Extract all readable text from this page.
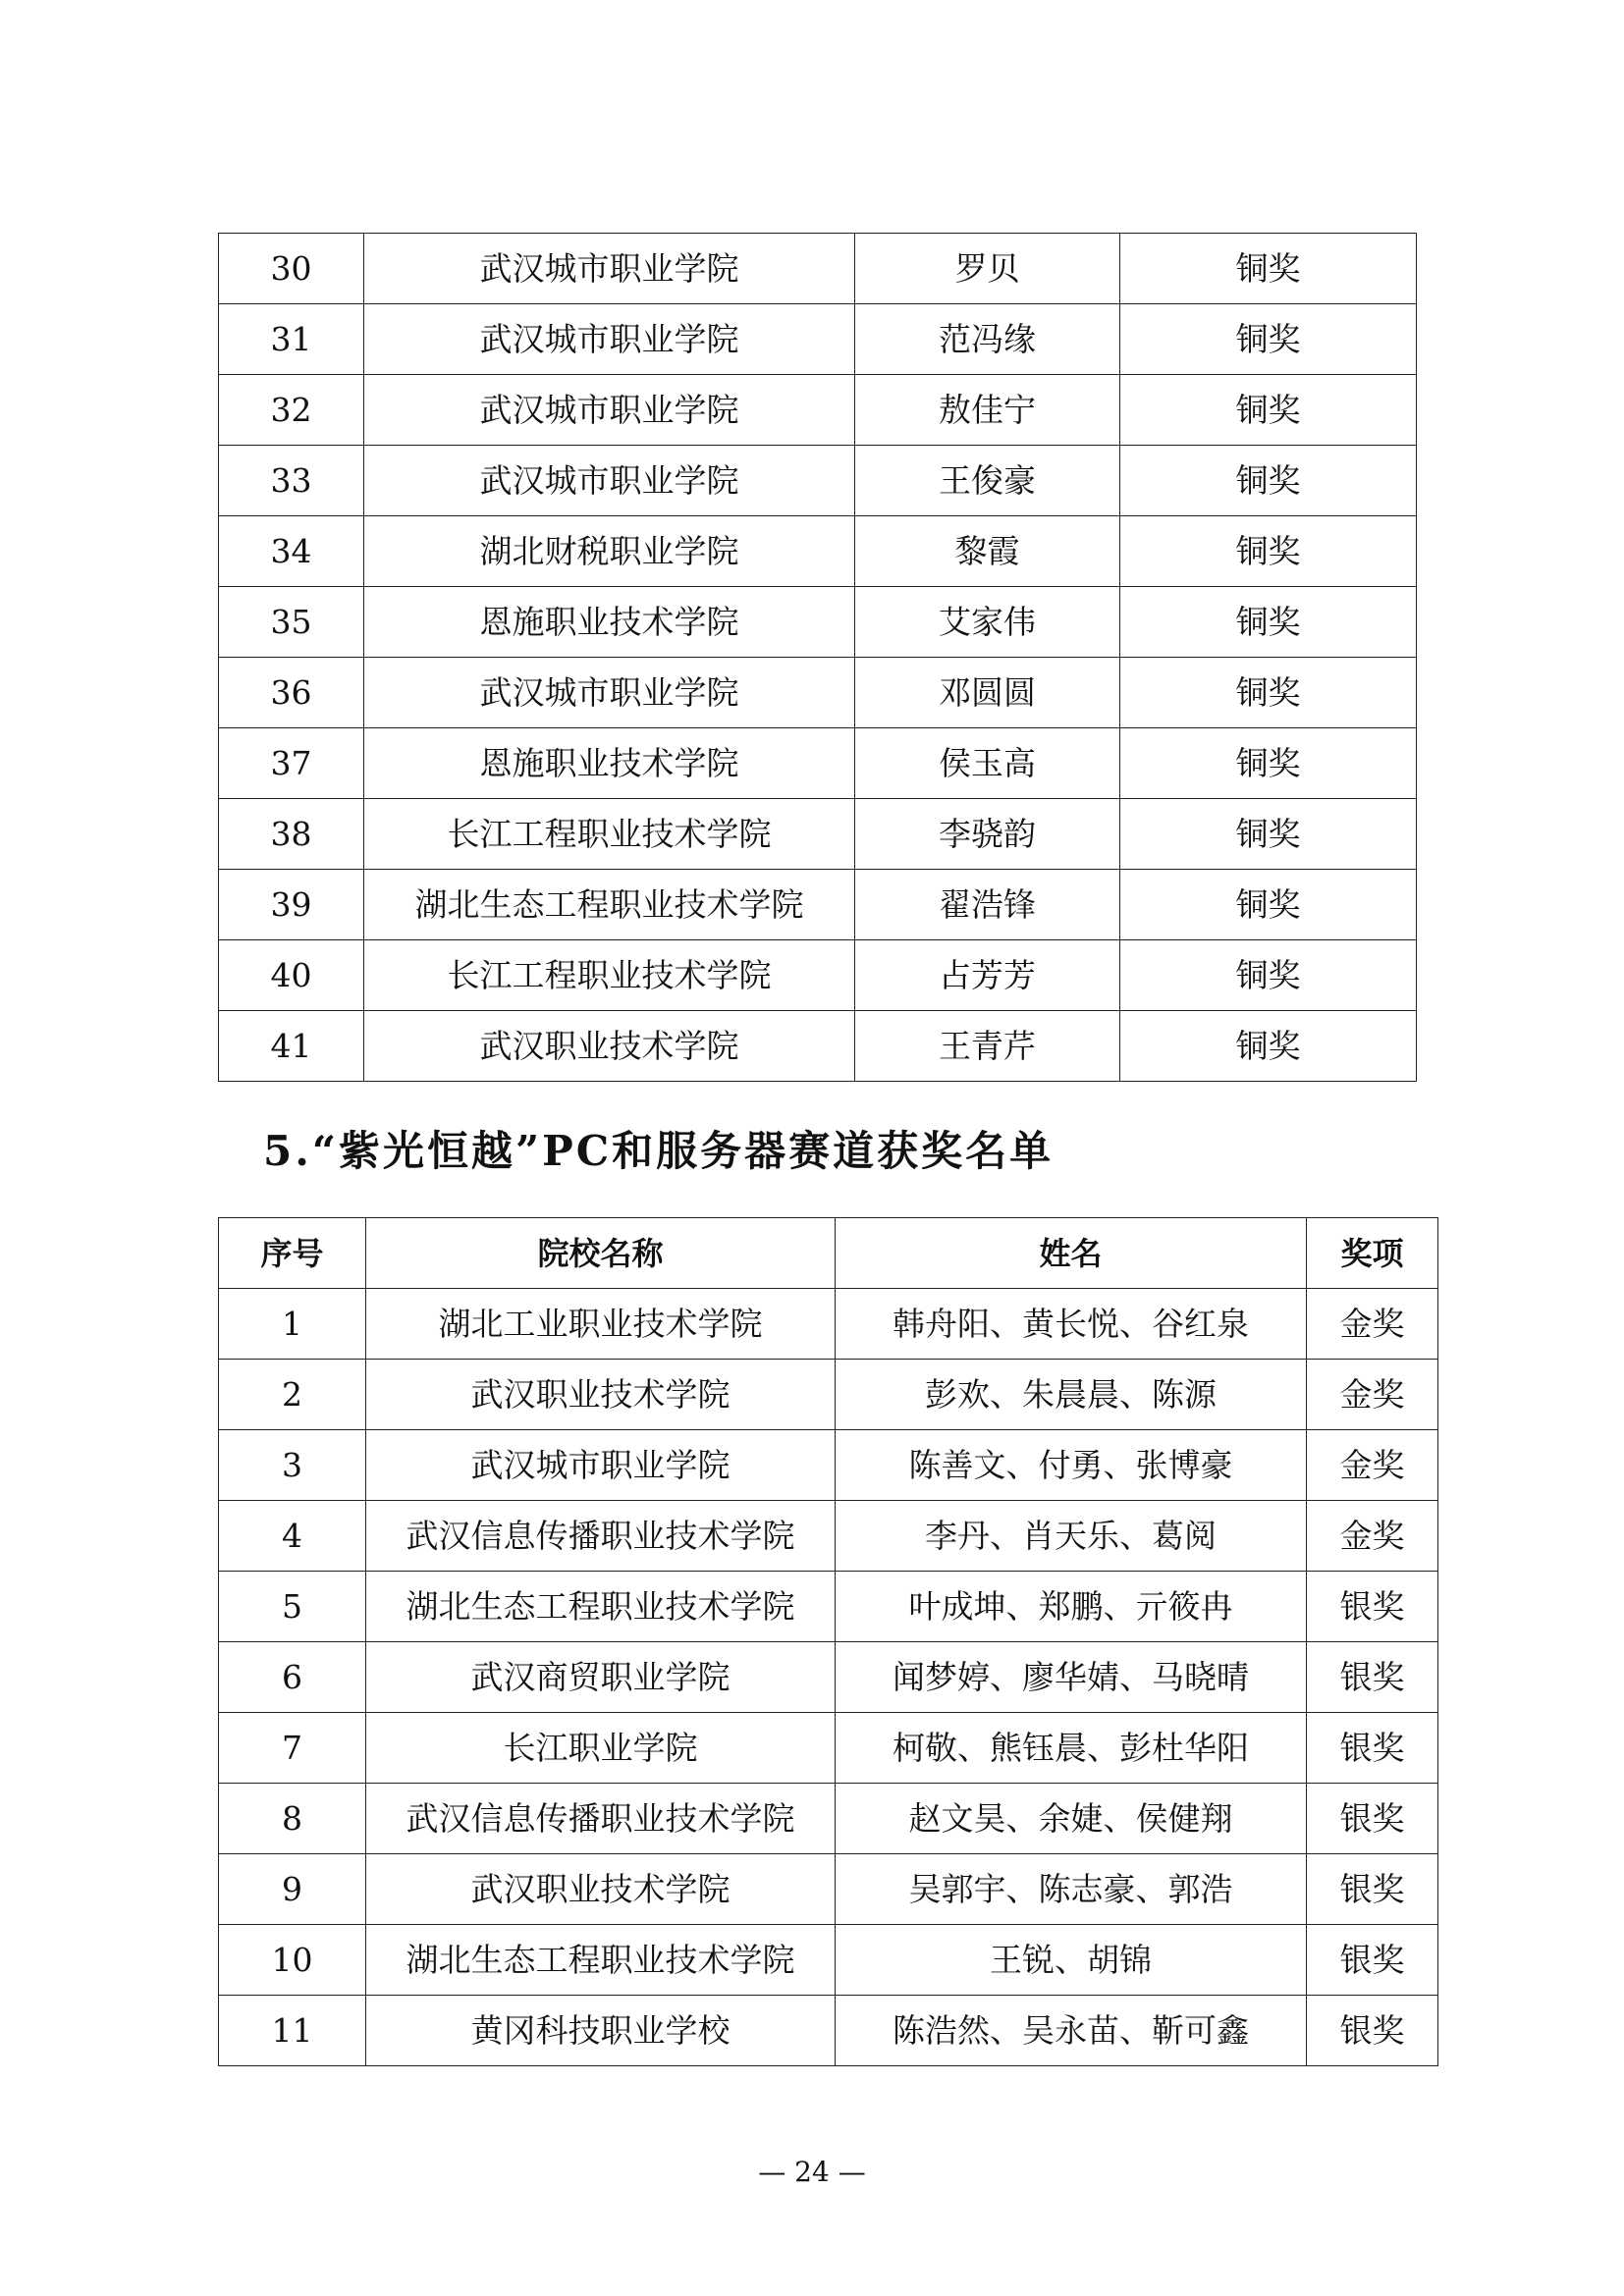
30	武汉城市职业学院	罗贝	铜奖
31	武汉城市职业学院	范冯缘	铜奖
32	武汉城市职业学院	敖佳宁	铜奖
33	武汉城市职业学院	王俊豪	铜奖
34	湖北财税职业学院	黎霞	铜奖
35	恩施职业技术学院	艾家伟	铜奖
36	武汉城市职业学院	邓圆圆	铜奖
37	恩施职业技术学院	侯玉高	铜奖
38	长江工程职业技术学院	李骁韵	铜奖
39	湖北生态工程职业技术学院	翟浩锋	铜奖
40	长江工程职业技术学院	占芳芳	铜奖
41	武汉职业技术学院	王青芹	铜奖
5.“紫光恒越”PC和服务器赛道获奖名单
序号	院校名称	姓名	奖项
1	湖北工业职业技术学院	韩舟阳、黄长悦、谷红泉	金奖
2	武汉职业技术学院	彭欢、朱晨晨、陈源	金奖
3	武汉城市职业学院	陈善文、付勇、张博豪	金奖
4	武汉信息传播职业技术学院	李丹、肖天乐、葛阅	金奖
5	湖北生态工程职业技术学院	叶成坤、郑鹏、亓筱冉	银奖
6	武汉商贸职业学院	闻梦婷、廖华婧、马晓晴	银奖
7	长江职业学院	柯敬、熊钰晨、彭杜华阳	银奖
8	武汉信息传播职业技术学院	赵文昊、余婕、侯健翔	银奖
9	武汉职业技术学院	吴郭宇、陈志豪、郭浩	银奖
10	湖北生态工程职业技术学院	王锐、胡锦	银奖
11	黄冈科技职业学校	陈浩然、吴永苗、靳可鑫	银奖
— 24 —
